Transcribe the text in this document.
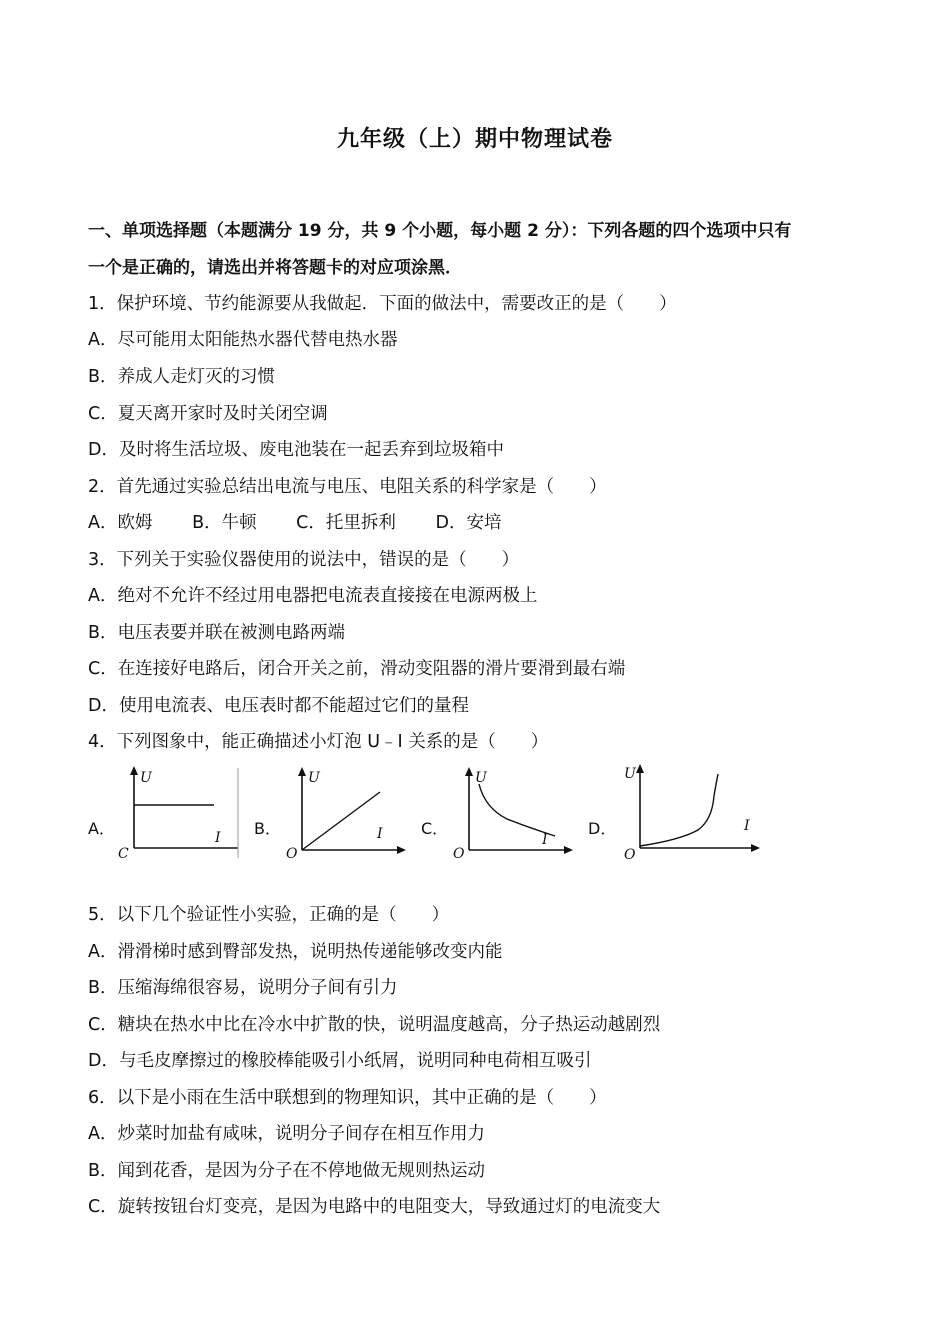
九年级（上）期中物理试卷
一、单项选择题（本题满分 19 分，共 9 个小题，每小题 2 分）：下列各题的四个选项中只有
一个是正确的，请选出并将答题卡的对应项涂黑．
1．保护环境、节约能源要从我做起．下面的做法中，需要改正的是（　　）
A．尽可能用太阳能热水器代替电热水器
B．养成人走灯灭的习惯
C．夏天离开家时及时关闭空调
D．及时将生活垃圾、废电池装在一起丢弃到垃圾箱中
2．首先通过实验总结出电流与电压、电阻关系的科学家是（　　）
A．欧姆 B．牛顿 C．托里拆利 D．安培
3．下列关于实验仪器使用的说法中，错误的是（　　）
A．绝对不允许不经过用电器把电流表直接接在电源两极上
B．电压表要并联在被测电路两端
C．在连接好电路后，闭合开关之前，滑动变阻器的滑片要滑到最右端
D．使用电流表、电压表时都不能超过它们的量程
4．下列图象中，能正确描述小灯泡 U﹣I 关系的是（　　）
A．
U
I
C
B．
U
I
O
C．
U
I
O
D．
U
I
O
5．以下几个验证性小实验，正确的是（　　）
A．滑滑梯时感到臀部发热，说明热传递能够改变内能
B．压缩海绵很容易，说明分子间有引力
C．糖块在热水中比在冷水中扩散的快，说明温度越高，分子热运动越剧烈
D．与毛皮摩擦过的橡胶棒能吸引小纸屑，说明同种电荷相互吸引
6．以下是小雨在生活中联想到的物理知识，其中正确的是（　　）
A．炒菜时加盐有咸味，说明分子间存在相互作用力
B．闻到花香，是因为分子在不停地做无规则热运动
C．旋转按钮台灯变亮，是因为电路中的电阻变大，导致通过灯的电流变大
